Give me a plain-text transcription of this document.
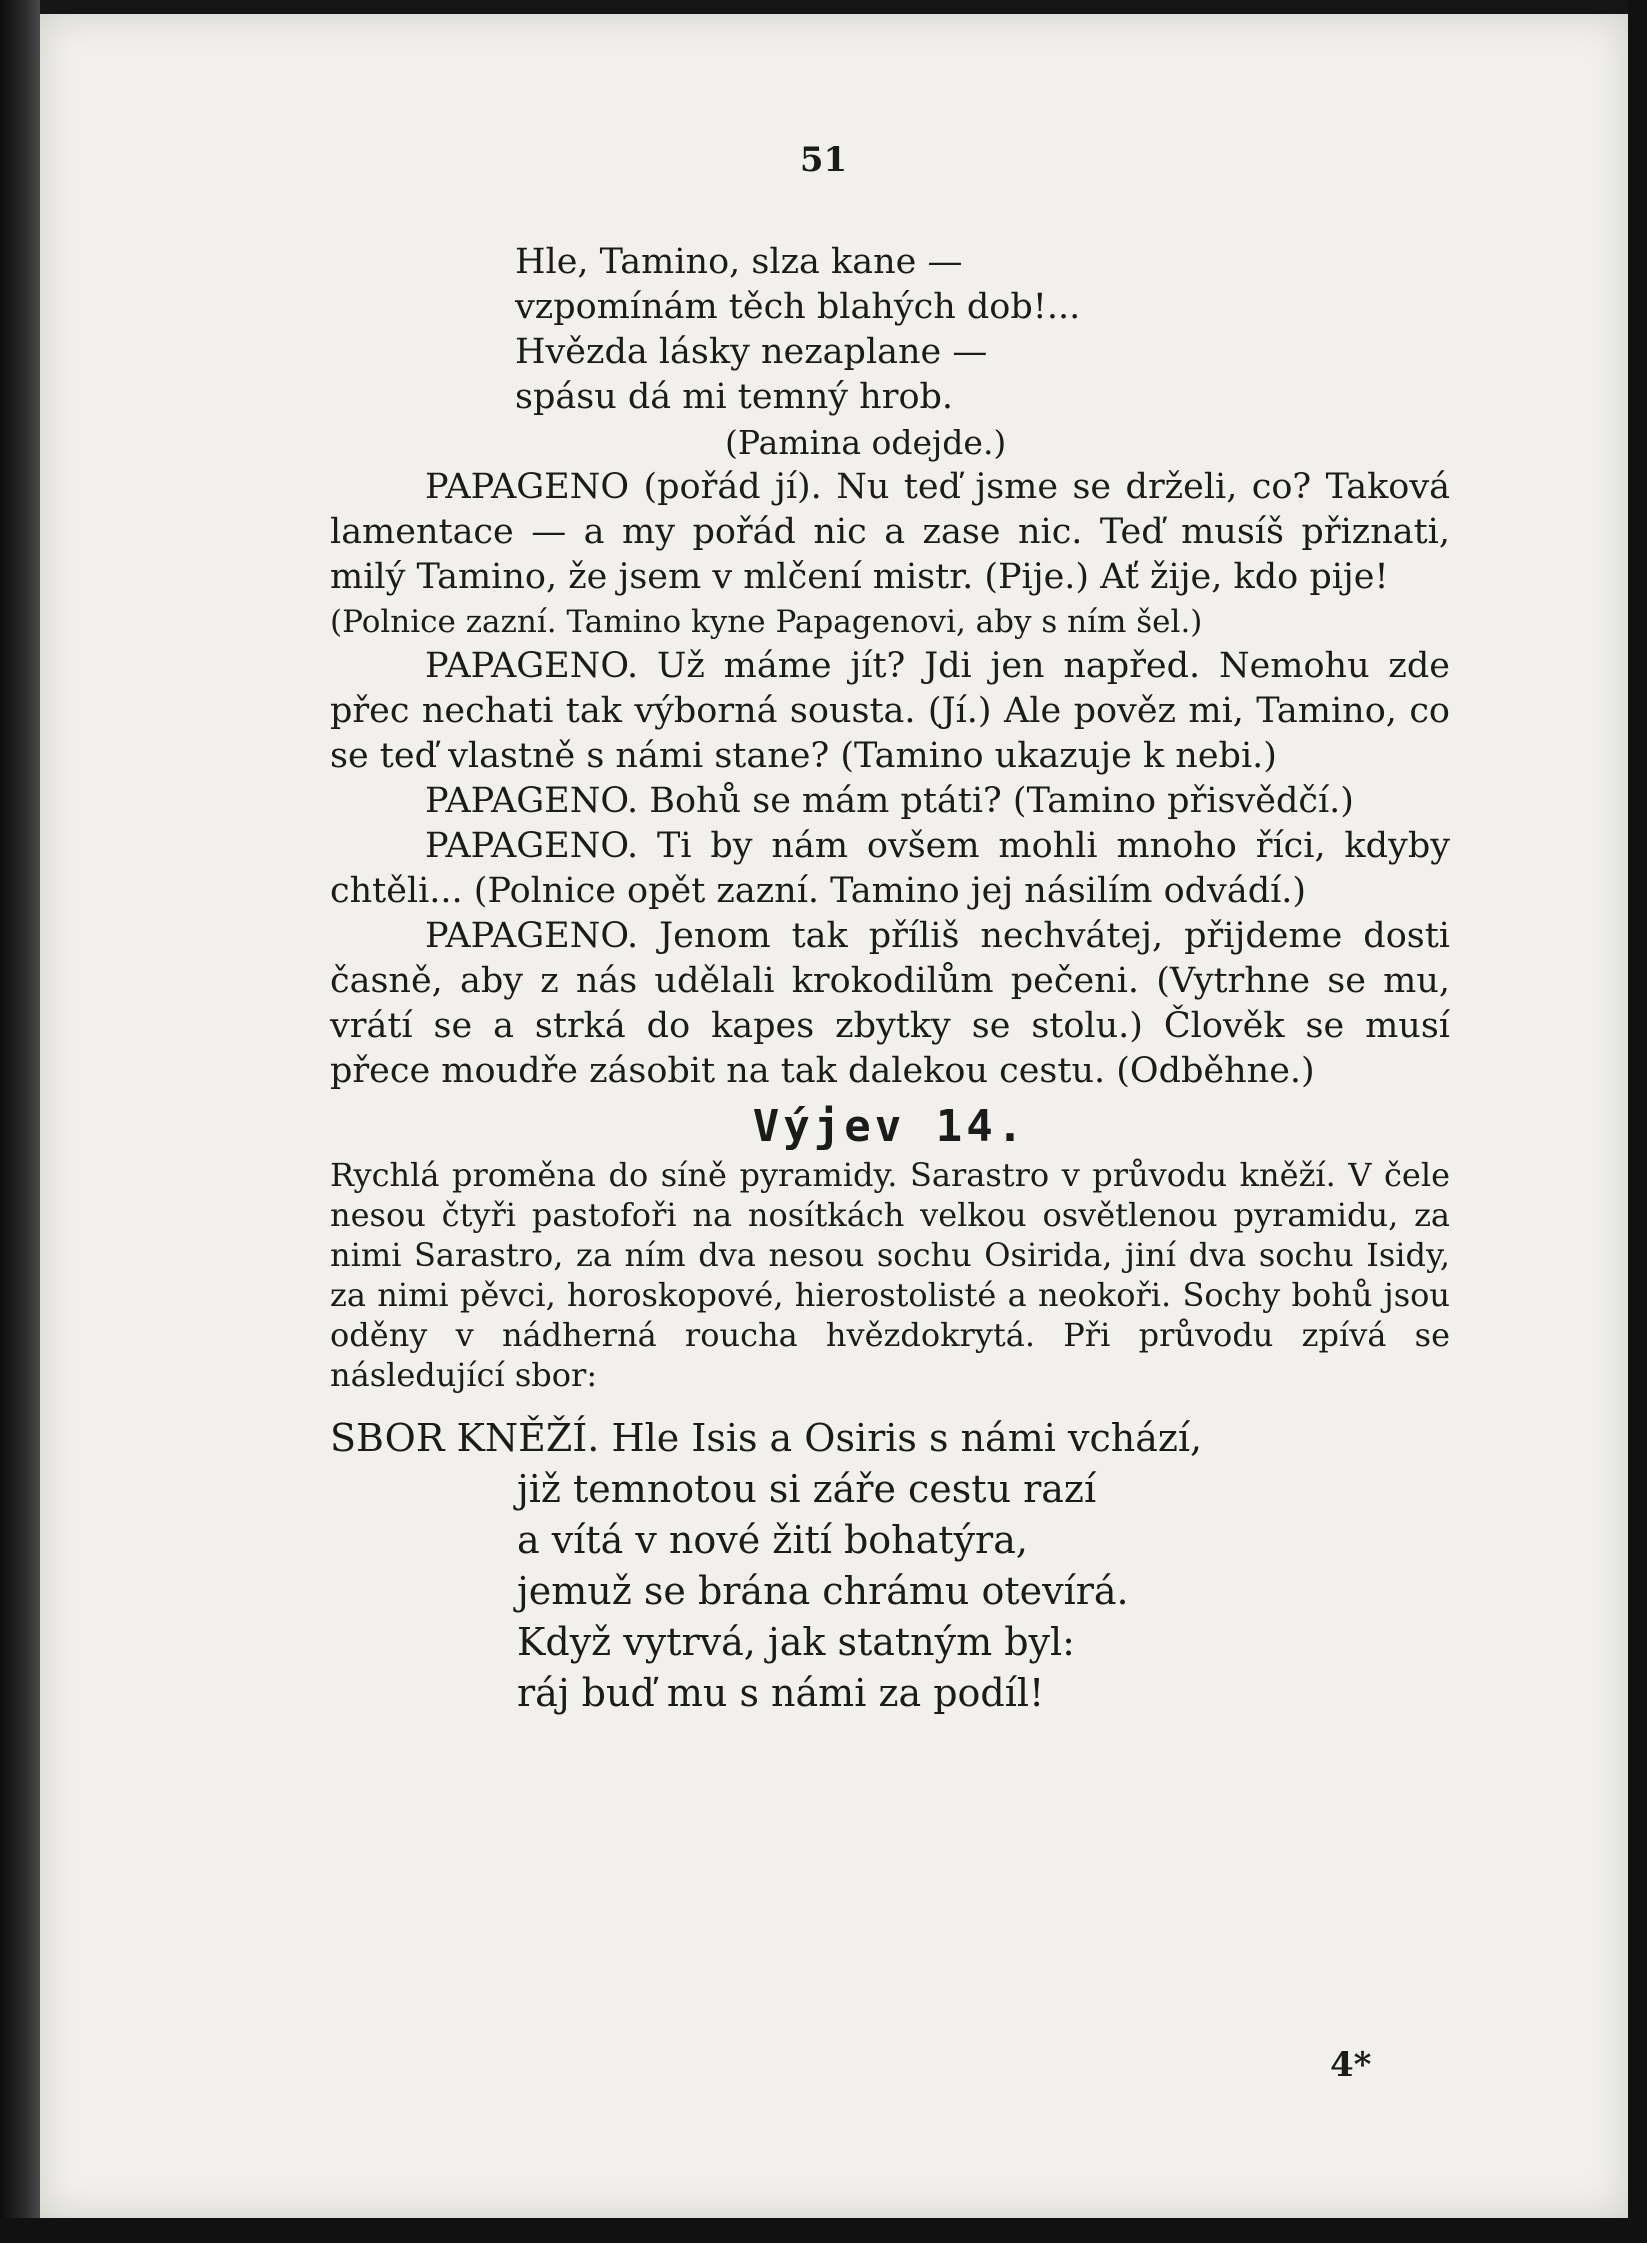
51
Hle, Tamino, slza kane —
vzpomínám těch blahých dob!...
Hvězda lásky nezaplane —
spásu dá mi temný hrob.
(Pamina odejde.)
PAPAGENO (pořád jí). Nu teď jsme se drželi, co? Taková lamentace — a my pořád nic a zase nic. Teď musíš přiznati, milý Tamino, že jsem v mlčení mistr. (Pije.) Ať žije, kdo pije!
(Polnice zazní. Tamino kyne Papagenovi, aby s ním šel.)
PAPAGENO. Už máme jít? Jdi jen napřed. Nemohu zde přec nechati tak výborná sousta. (Jí.) Ale pověz mi, Tamino, co se teď vlastně s námi stane? (Tamino ukazuje k nebi.)
PAPAGENO. Bohů se mám ptáti? (Tamino přisvědčí.)
PAPAGENO. Ti by nám ovšem mohli mnoho říci, kdyby chtěli... (Polnice opět zazní. Tamino jej násilím odvádí.)
PAPAGENO. Jenom tak příliš nechvátej, přijdeme dosti časně, aby z nás udělali krokodilům pečeni. (Vytrhne se mu, vrátí se a strká do kapes zbytky se stolu.) Člověk se musí přece moudře zásobit na tak dalekou cestu. (Odběhne.)
Výjev 14.
Rychlá proměna do síně pyramidy. Sarastro v průvodu kněží. V čele nesou čtyři pastofoři na nosítkách velkou osvětlenou pyramidu, za nimi Sarastro, za ním dva nesou sochu Osirida, jiní dva sochu Isidy, za nimi pěvci, horoskopové, hierostolisté a neokoři. Sochy bohů jsou oděny v nádherná roucha hvězdokrytá. Při průvodu zpívá se následující sbor:
SBOR KNĚŽÍ. Hle Isis a Osiris s námi vchází,
již temnotou si záře cestu razí
a vítá v nové žití bohatýra,
jemuž se brána chrámu otevírá.
Když vytrvá, jak statným byl:
ráj buď mu s námi za podíl!
4*
